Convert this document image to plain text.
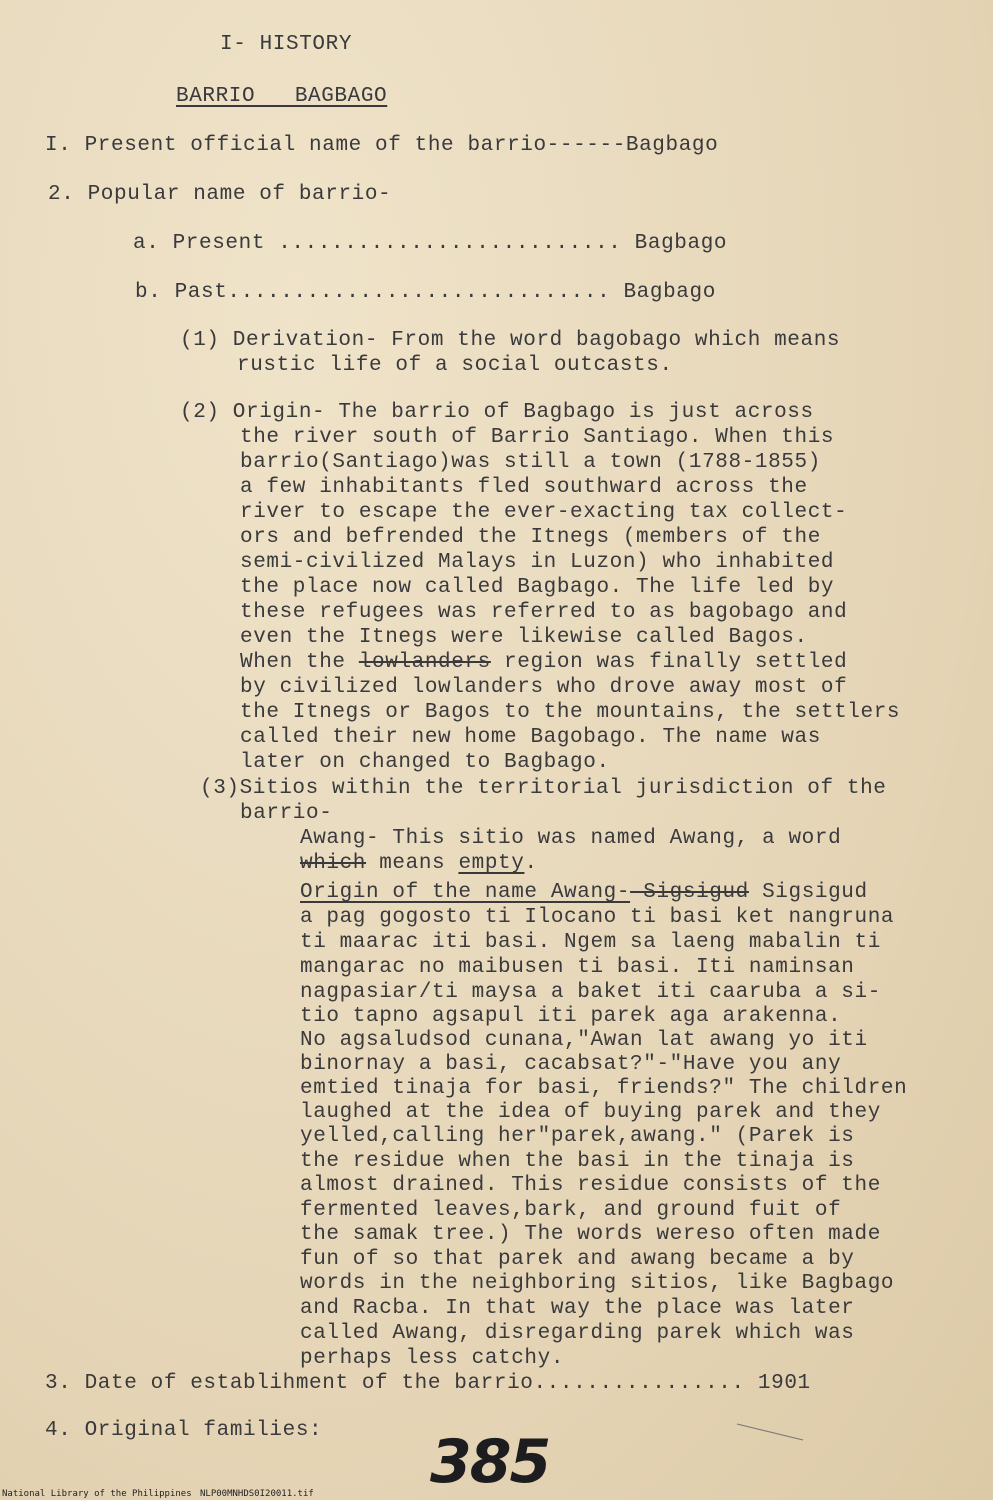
I- HISTORY
BARRIO   BAGBAGO
I. Present official name of the barrio------Bagbago
2. Popular name of barrio-
a. Present .......................... Bagbago
b. Past............................. Bagbago
(1) Derivation- From the word bagobago which means
rustic life of a social outcasts.
(2) Origin- The barrio of Bagbago is just across
the river south of Barrio Santiago. When this
barrio(Santiago)was still a town (1788-1855)
a few inhabitants fled southward across the
river to escape the ever-exacting tax collect-
ors and befrended the Itnegs (members of the
semi-civilized Malays in Luzon) who inhabited
the place now called Bagbago. The life led by
these refugees was referred to as bagobago and
even the Itnegs were likewise called Bagos.
When the lowlanders region was finally settled
by civilized lowlanders who drove away most of
the Itnegs or Bagos to the mountains, the settlers
called their new home Bagobago. The name was
later on changed to Bagbago.
(3)Sitios within the territorial jurisdiction of the
barrio-
Awang- This sitio was named Awang, a word
which means empty.
Origin of the name Awang- Sigsigud Sigsigud
a pag gogosto ti Ilocano ti basi ket nangruna
ti maarac iti basi. Ngem sa laeng mabalin ti
mangarac no maibusen ti basi. Iti naminsan
nagpasiar/ti maysa a baket iti caaruba a si-
tio tapno agsapul iti parek aga arakenna.
No agsaludsod cunana,"Awan lat awang yo iti
binornay a basi, cacabsat?"-"Have you any
emtied tinaja for basi, friends?" The children
laughed at the idea of buying parek and they
yelled,calling her"parek,awang." (Parek is
the residue when the basi in the tinaja is
almost drained. This residue consists of the
fermented leaves,bark, and ground fuit of
the samak tree.) The words wereso often made
fun of so that parek and awang became a by
words in the neighboring sitios, like Bagbago
and Racba. In that way the place was later
called Awang, disregarding parek which was
perhaps less catchy.
3. Date of establihment of the barrio................ 1901
4. Original families: 385
National Library of the Philippines NLP00MNHDS0I20011.tif
